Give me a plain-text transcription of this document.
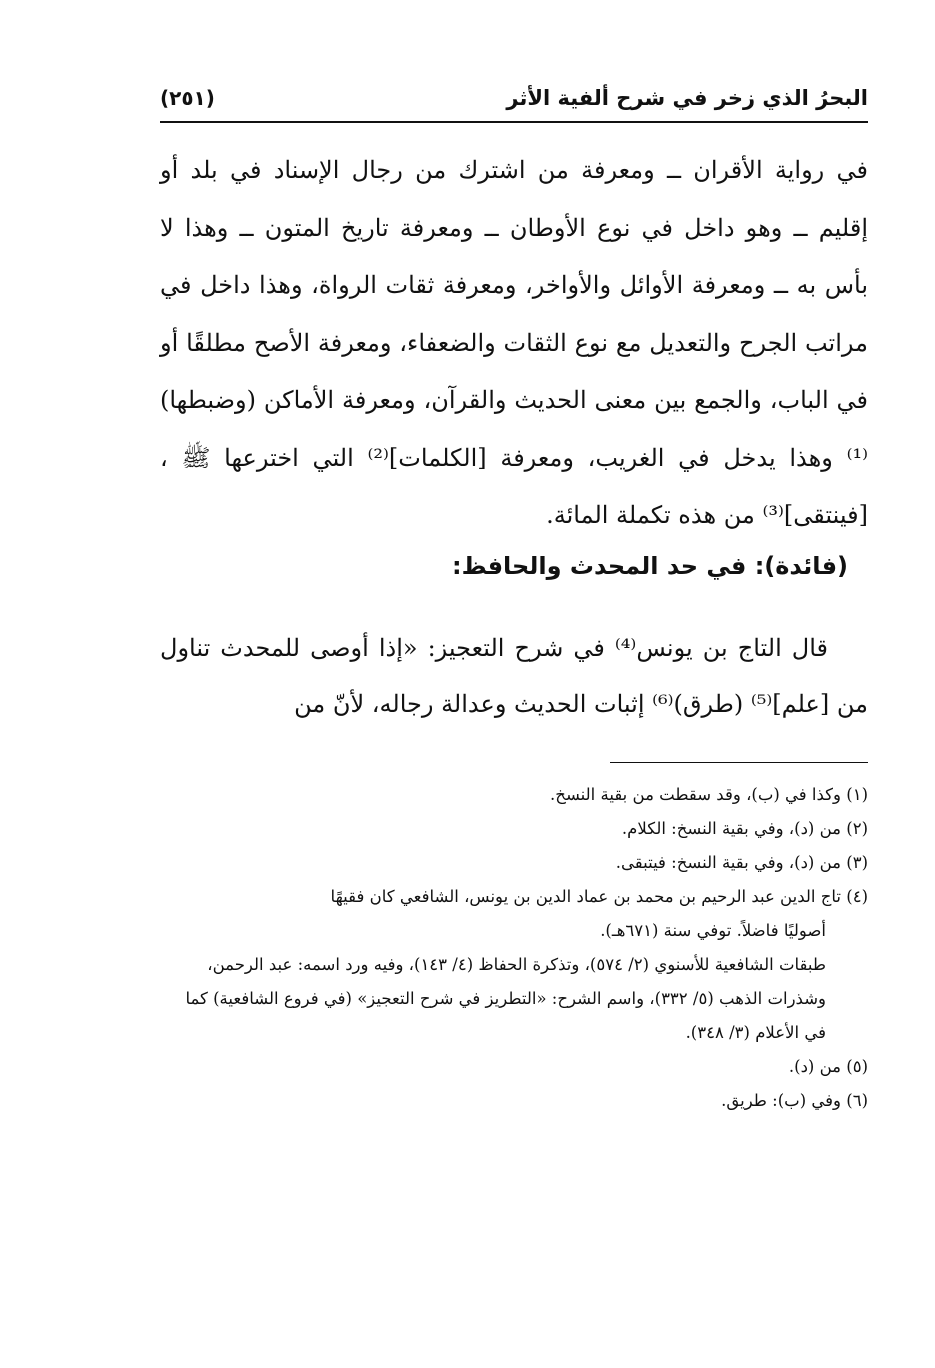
البحرُ الذي زخر في شرح ألفية الأثر
(٢٥١)

في رواية الأقران ــ ومعرفة من اشترك من رجال الإسناد في بلد أو إقليم ــ وهو داخل في نوع الأوطان ــ ومعرفة تاريخ المتون ــ وهذا لا بأس به ــ ومعرفة الأوائل والأواخر، ومعرفة ثقات الرواة، وهذا داخل في مراتب الجرح والتعديل مع نوع الثقات والضعفاء، ومعرفة الأصح مطلقًا أو في الباب، والجمع بين معنى الحديث والقرآن، ومعرفة الأماكن (وضبطها)⁽¹⁾ وهذا يدخل في الغريب، ومعرفة [الكلمات]⁽²⁾ التي اخترعها ﷺ ، [فينتقى]⁽³⁾ من هذه تكملة المائة.

(فائدة): في حد المحدث والحافظ:

قال التاج بن يونس⁽⁴⁾ في شرح التعجيز: «إذا أوصى للمحدث تناول من [علم]⁽⁵⁾ (طرق)⁽⁶⁾ إثبات الحديث وعدالة رجاله، لأنّ من

(١) وكذا في (ب)، وقد سقطت من بقية النسخ.
(٢) من (د)، وفي بقية النسخ: الكلام.
(٣) من (د)، وفي بقية النسخ: فيتبقى.
(٤) تاج الدين عبد الرحيم بن محمد بن عماد الدين بن يونس، الشافعي كان فقيهًا
أصوليًا فاضلاً. توفي سنة (٦٧١هـ).
طبقات الشافعية للأسنوي (٢/ ٥٧٤)، وتذكرة الحفاظ (٤/ ١٤٣)، وفيه ورد اسمه: عبد الرحمن، وشذرات الذهب (٥/ ٣٣٢)، واسم الشرح: «التطريز في شرح التعجيز» (في فروع الشافعية) كما في الأعلام (٣/ ٣٤٨).
(٥) من (د).
(٦) وفي (ب): طريق.
